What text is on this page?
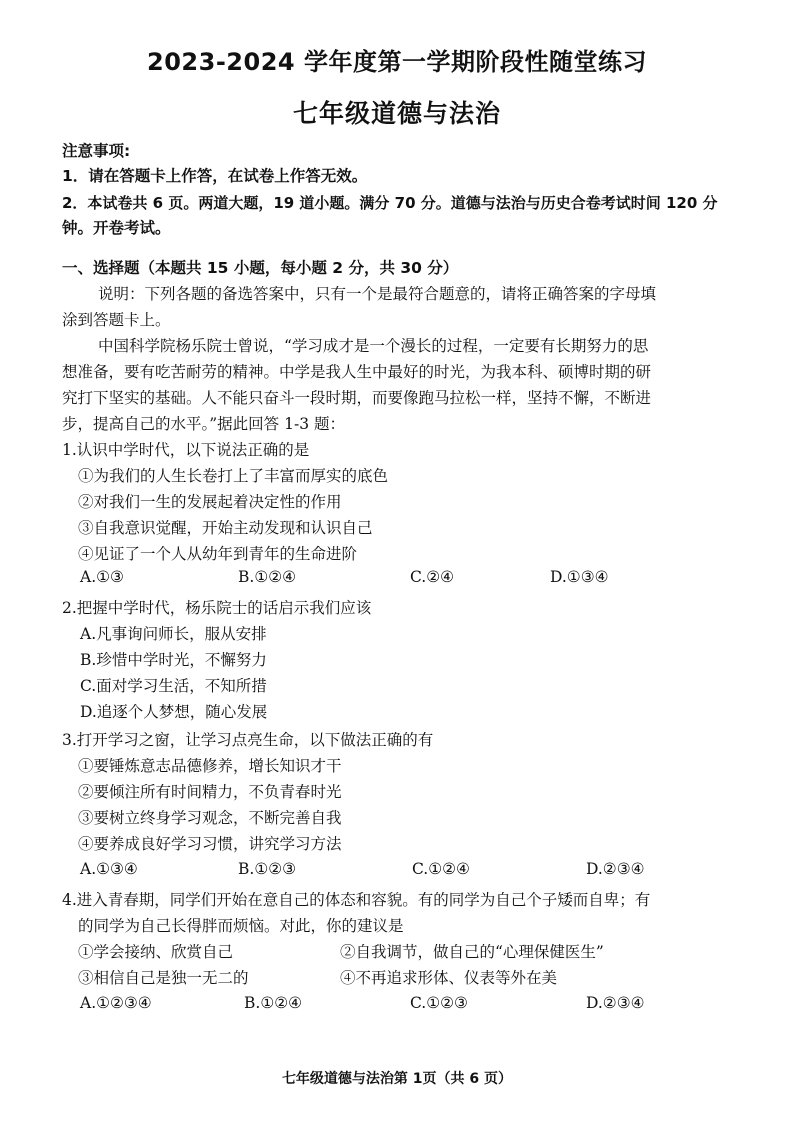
2023-2024 学年度第一学期阶段性随堂练习
七年级道德与法治
注意事项:
1．请在答题卡上作答，在试卷上作答无效。
2．本试卷共 6 页。两道大题，19 道小题。满分 70 分。道德与法治与历史合卷考试时间 120 分
钟。开卷考试。
一、选择题（本题共 15 小题，每小题 2 分，共 30 分）
说明：下列各题的备选答案中，只有一个是最符合题意的，请将正确答案的字母填
涂到答题卡上。
中国科学院杨乐院士曾说，“学习成才是一个漫长的过程，一定要有长期努力的思
想准备，要有吃苦耐劳的精神。中学是我人生中最好的时光，为我本科、硕博时期的研
究打下坚实的基础。人不能只奋斗一段时期，而要像跑马拉松一样，坚持不懈，不断进
步，提高自己的水平。”据此回答 1-3 题：
1.认识中学时代，以下说法正确的是
①为我们的人生长卷打上了丰富而厚实的底色
②对我们一生的发展起着决定性的作用
③自我意识觉醒，开始主动发现和认识自己
④见证了一个人从幼年到青年的生命进阶
A.①③	B.①②④	C.②④	D.①③④
2.把握中学时代，杨乐院士的话启示我们应该
A.凡事询问师长，服从安排
B.珍惜中学时光，不懈努力
C.面对学习生活，不知所措
D.追逐个人梦想，随心发展
3.打开学习之窗，让学习点亮生命，以下做法正确的有
①要锤炼意志品德修养，增长知识才干
②要倾注所有时间精力，不负青春时光
③要树立终身学习观念，不断完善自我
④要养成良好学习习惯，讲究学习方法
A.①③④	B.①②③	C.①②④	D.②③④
4.进入青春期，同学们开始在意自己的体态和容貌。有的同学为自己个子矮而自卑；有
的同学为自己长得胖而烦恼。对此，你的建议是
①学会接纳、欣赏自己	②自我调节，做自己的“心理保健医生”
③相信自己是独一无二的	④不再追求形体、仪表等外在美
A.①②③④	B.①②④	C.①②③	D.②③④
七年级道德与法治第 1页（共 6 页）
